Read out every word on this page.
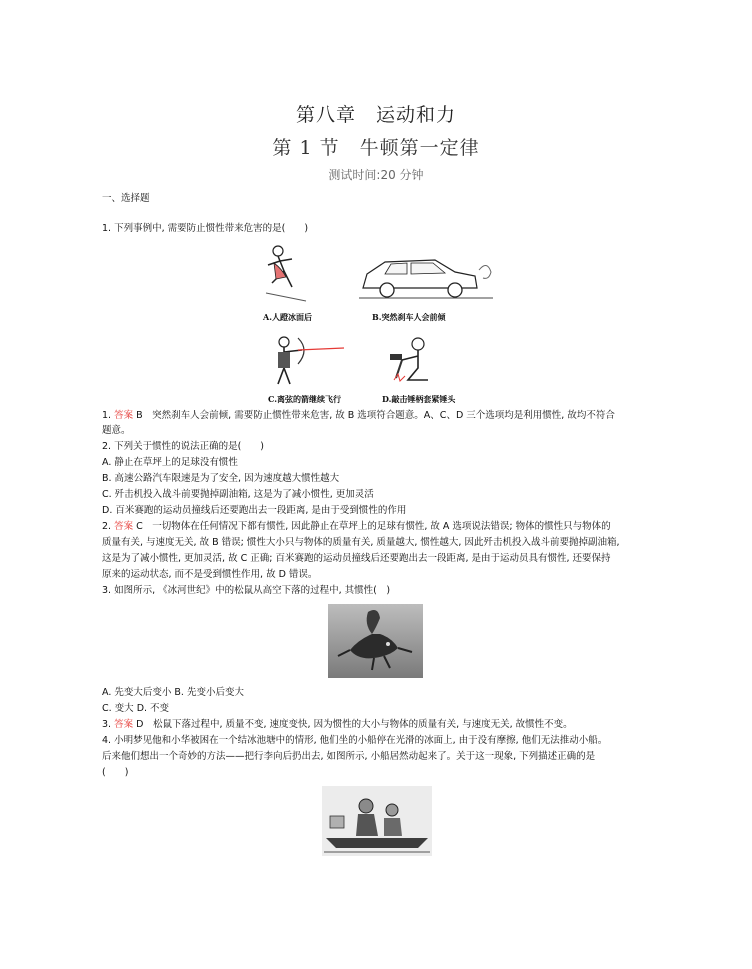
第八章　运动和力
第 1 节　牛顿第一定律
测试时间:20 分钟
一、选择题
1. 下列事例中, 需要防止惯性带来危害的是(　　)
A.人蹬冰面后	B.突然刹车人会前倾
C.离弦的箭继续飞行	D.敲击锤柄套紧锤头
1. 答案 B　突然刹车人会前倾, 需要防止惯性带来危害, 故 B 选项符合题意。A、C、D 三个选项均是利用惯性, 故均不符合
题意。
2. 下列关于惯性的说法正确的是(　　)
A. 静止在草坪上的足球没有惯性
B. 高速公路汽车限速是为了安全, 因为速度越大惯性越大
C. 歼击机投入战斗前要抛掉副油箱, 这是为了减小惯性, 更加灵活
D. 百米赛跑的运动员撞线后还要跑出去一段距离, 是由于受到惯性的作用
2. 答案 C　一切物体在任何情况下都有惯性, 因此静止在草坪上的足球有惯性, 故 A 选项说法错误; 物体的惯性只与物体的
质量有关, 与速度无关, 故 B 错误; 惯性大小只与物体的质量有关, 质量越大, 惯性越大, 因此歼击机投入战斗前要抛掉副油箱,
这是为了减小惯性, 更加灵活, 故 C 正确; 百米赛跑的运动员撞线后还要跑出去一段距离, 是由于运动员具有惯性, 还要保持
原来的运动状态, 而不是受到惯性作用, 故 D 错误。
3. 如图所示, 《冰河世纪》中的松鼠从高空下落的过程中, 其惯性(　)
A. 先变大后变小 B. 先变小后变大
C. 变大 D. 不变
3. 答案 D　松鼠下落过程中, 质量不变, 速度变快, 因为惯性的大小与物体的质量有关, 与速度无关, 故惯性不变。
4. 小明梦见他和小华被困在一个结冰池塘中的情形, 他们坐的小船停在光滑的冰面上, 由于没有摩擦, 他们无法推动小船。
后来他们想出一个奇妙的方法——把行李向后扔出去, 如图所示, 小船居然动起来了。关于这一现象, 下列描述正确的是
(　　)
